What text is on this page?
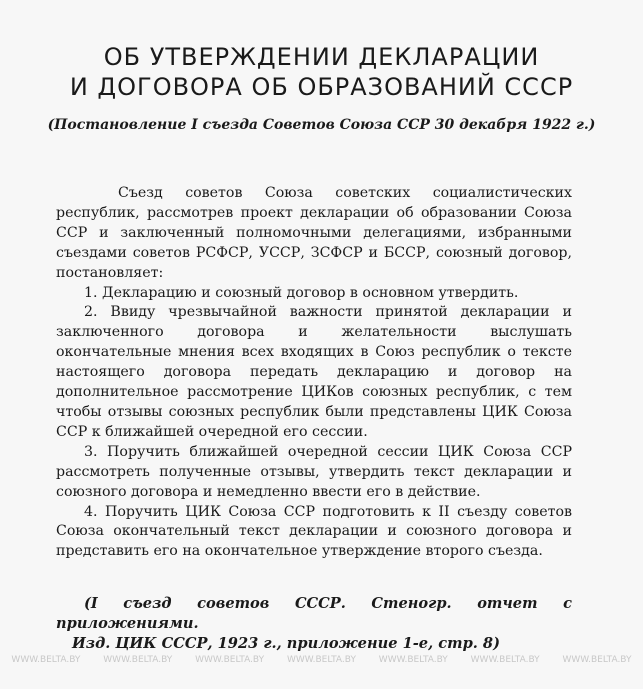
ОБ УТВЕРЖДЕНИИ ДЕКЛАРАЦИИ
И ДОГОВОРА ОБ ОБРАЗОВАНИЙ СССР
(Постановление I съезда Советов Союза ССР 30 декабря 1922 г.)

Съезд советов Союза советских социалистических республик, рассмотрев проект декларации об образовании Союза ССР и заключенный полномочными делегациями, избранными съездами советов РСФСР, УССР, ЗСФСР и БССР, союзный договор, постановляет:

1. Декларацию и союзный договор в основном утвердить.

2. Ввиду чрезвычайной важности принятой декларации и заключенного договора и желательности выслушать окончательные мнения всех входящих в Союз республик о тексте настоящего договора передать декларацию и договор на дополнительное рассмотрение ЦИКов союзных республик, с тем чтобы отзывы союзных республик были представлены ЦИК Союза ССР к ближайшей очередной его сессии.

3. Поручить ближайшей очередной сессии ЦИК Союза ССР рассмотреть полученные отзывы, утвердить текст декларации и союзного договора и немедленно ввести его в действие.

4. Поручить ЦИК Союза ССР подготовить к II съезду советов Союза окончательный текст декларации и союзного договора и представить его на окончательное утверждение второго съезда.

(I съезд советов СССР. Стеногр. отчет с приложениями.
Изд. ЦИК СССР, 1923 г., приложение 1-е, стр. 8)
WWW.BELTA.BY	WWW.BELTA.BY	WWW.BELTA.BY	WWW.BELTA.BY	WWW.BELTA.BY	WWW.BELTA.BY	WWW.BELTA.BY
